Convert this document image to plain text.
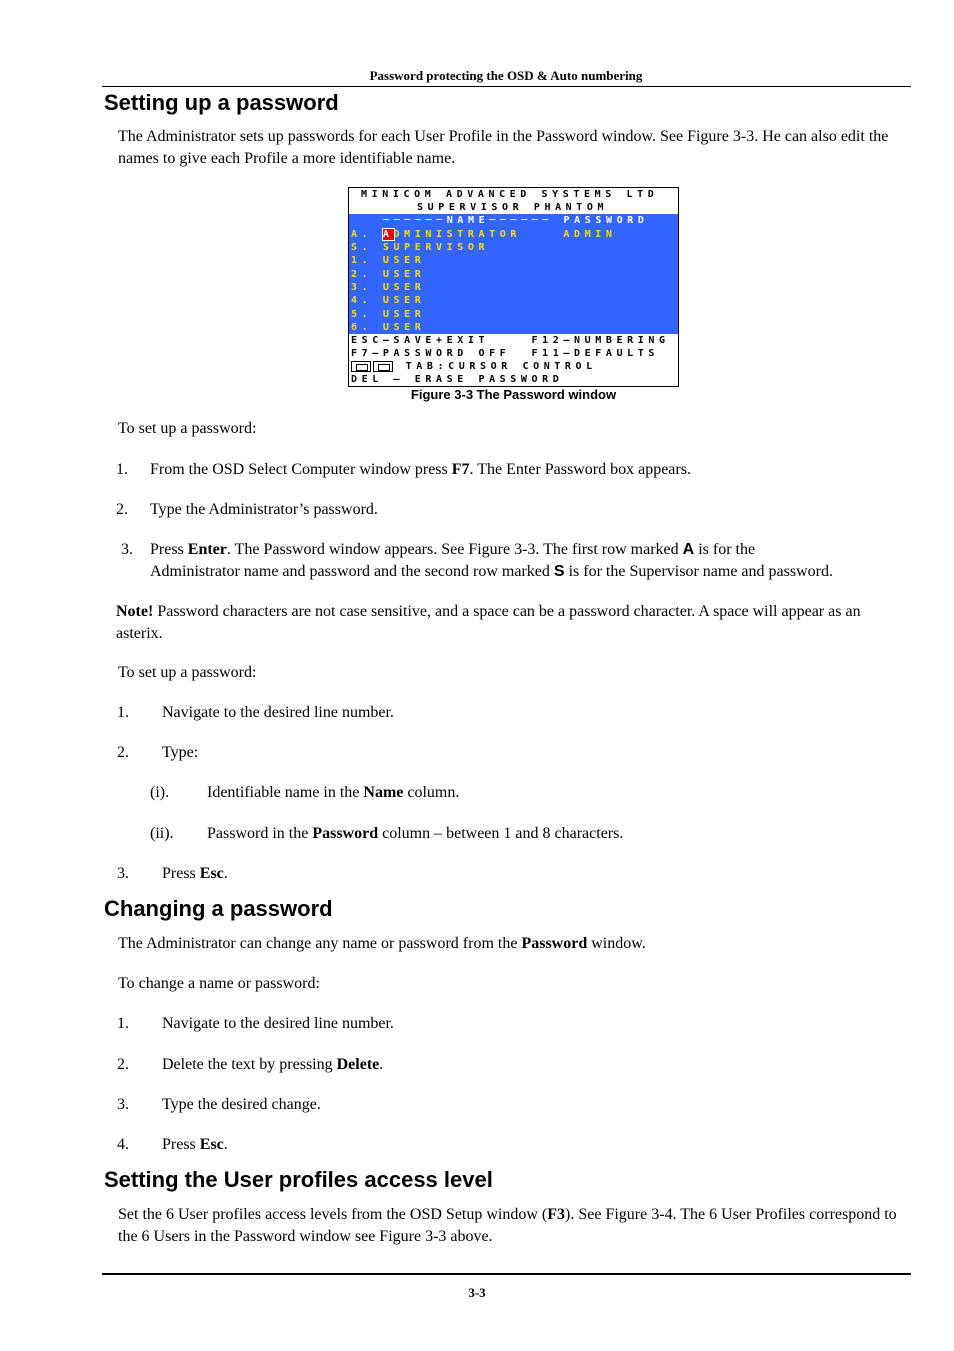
Password protecting the OSD & Auto numbering
Setting up a password
The Administrator sets up passwords for each User Profile in the Password window. See Figure 3-3. He can also edit the names to give each Profile a more identifiable name.
MINICOM ADVANCED SYSTEMS LTD
SUPERVISOR PHANTOM
──────NAME────── PASSWORD
A. ADMINISTRATOR    ADMIN
S. SUPERVISOR
1. USER
2. USER
3. USER
4. USER
5. USER
6. USER
ESC–SAVE+EXIT    F12–NUMBERING
F7–PASSWORD OFF  F11–DEFAULTS
TAB:CURSOR CONTROL
DEL – ERASE PASSWORD
Figure 3-3 The Password window
To set up a password:
1. From the OSD Select Computer window press F7. The Enter Password box appears.
2. Type the Administrator’s password.
3. Press Enter. The Password window appears. See Figure 3-3. The first row marked A is for the
Administrator name and password and the second row marked S is for the Supervisor name and password.
Note! Password characters are not case sensitive, and a space can be a password character. A space will appear as an asterix.
To set up a password:
1. Navigate to the desired line number.
2. Type:
(i). Identifiable name in the Name column.
(ii). Password in the Password column – between 1 and 8 characters.
3. Press Esc.
Changing a password
The Administrator can change any name or password from the Password window.
To change a name or password:
1. Navigate to the desired line number.
2. Delete the text by pressing Delete.
3. Type the desired change.
4. Press Esc.
Setting the User profiles access level
Set the 6 User profiles access levels from the OSD Setup window (F3). See Figure 3-4. The 6 User Profiles correspond to the 6 Users in the Password window see Figure 3-3 above.
3-3
